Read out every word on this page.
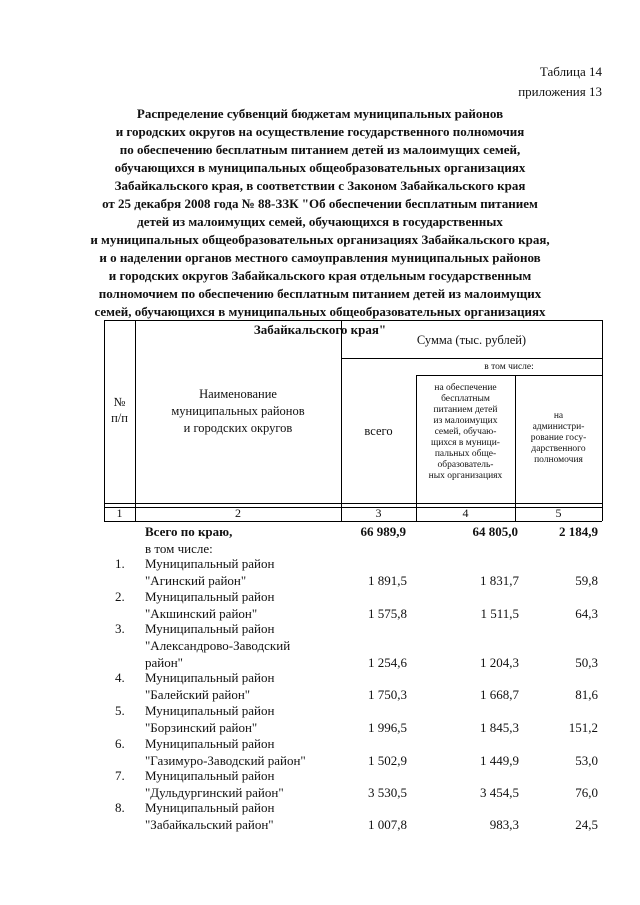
Таблица 14
приложения 13
Распределение субвенций бюджетам муниципальных районов
и городских округов на осуществление государственного полномочия
по обеспечению бесплатным питанием детей из малоимущих семей,
обучающихся в муниципальных общеобразовательных организациях
Забайкальского края, в соответствии с Законом Забайкальского края
от 25 декабря 2008 года № 88-ЗЗК "Об обеспечении бесплатным питанием
детей из малоимущих семей, обучающихся в государственных
и муниципальных общеобразовательных организациях Забайкальского края,
и о наделении органов местного самоуправления муниципальных районов
и городских округов Забайкальского края отдельным государственным
полномочием по обеспечению бесплатным питанием детей из малоимущих
семей, обучающихся в муниципальных общеобразовательных организациях
Забайкальского края"
№
п/п
Наименование
муниципальных районов
и городских округов
Сумма (тыс. рублей)
в том числе:
всего
на обеспечение
бесплатным
питанием детей
из малоимущих
семей, обучаю-
щихся в муници-
пальных обще-
образователь-
ных организациях
на
администри-
рование госу-
дарственного
полномочия
1	2	3	4	5
Всего по краю,	66 989,9	64 805,0	2 184,9
в том числе:
1. Муниципальный район
"Агинский район"	1 891,5	1 831,7	59,8
2. Муниципальный район
"Акшинский район"	1 575,8	1 511,5	64,3
3. Муниципальный район
"Александрово-Заводский
район"	1 254,6	1 204,3	50,3
4. Муниципальный район
"Балейский район"	1 750,3	1 668,7	81,6
5. Муниципальный район
"Борзинский район"	1 996,5	1 845,3	151,2
6. Муниципальный район
"Газимуро-Заводский район"	1 502,9	1 449,9	53,0
7. Муниципальный район
"Дульдургинский район"	3 530,5	3 454,5	76,0
8. Муниципальный район
"Забайкальский район"	1 007,8	983,3	24,5
